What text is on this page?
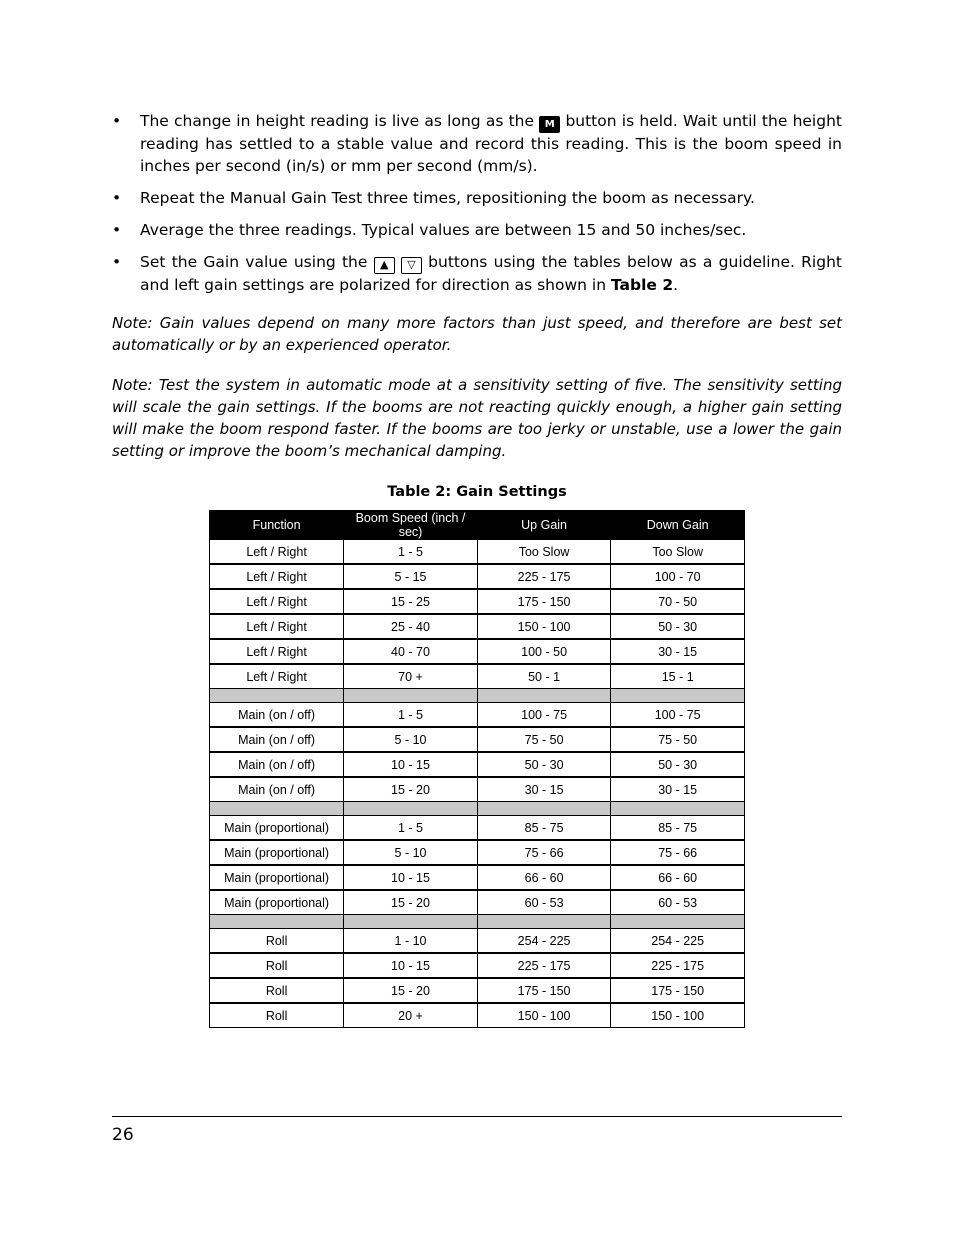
• The change in height reading is live as long as the M button is held. Wait until the height reading has settled to a stable value and record this reading. This is the boom speed in inches per second (in/s) or mm per second (mm/s).
• Repeat the Manual Gain Test three times, repositioning the boom as necessary.
• Average the three readings. Typical values are between 15 and 50 inches/sec.
• Set the Gain value using the ▲ ▽ buttons using the tables below as a guideline. Right and left gain settings are polarized for direction as shown in Table 2.

Note: Gain values depend on many more factors than just speed, and therefore are best set automatically or by an experienced operator.

Note: Test the system in automatic mode at a sensitivity setting of five. The sensitivity setting will scale the gain settings. If the booms are not reacting quickly enough, a higher gain setting will make the boom respond faster. If the booms are too jerky or unstable, use a lower the gain setting or improve the boom’s mechanical damping.

Table 2: Gain Settings
Function	Boom Speed (inch / sec)	Up Gain	Down Gain
Left / Right	1 - 5	Too Slow	Too Slow
Left / Right	5 - 15	225 - 175	100 - 70
Left / Right	15 - 25	175 - 150	70 - 50
Left / Right	25 - 40	150 - 100	50 - 30
Left / Right	40 - 70	100 - 50	30 - 15
Left / Right	70 +	50 - 1	15 - 1

Main (on / off)	1 - 5	100 - 75	100 - 75
Main (on / off)	5 - 10	75 - 50	75 - 50
Main (on / off)	10 - 15	50 - 30	50 - 30
Main (on / off)	15 - 20	30 - 15	30 - 15

Main (proportional)	1 - 5	85 - 75	85 - 75
Main (proportional)	5 - 10	75 - 66	75 - 66
Main (proportional)	10 - 15	66 - 60	66 - 60
Main (proportional)	15 - 20	60 - 53	60 - 53

Roll	1 - 10	254 - 225	254 - 225
Roll	10 - 15	225 - 175	225 - 175
Roll	15 - 20	175 - 150	175 - 150
Roll	20 +	150 - 100	150 - 100
26
